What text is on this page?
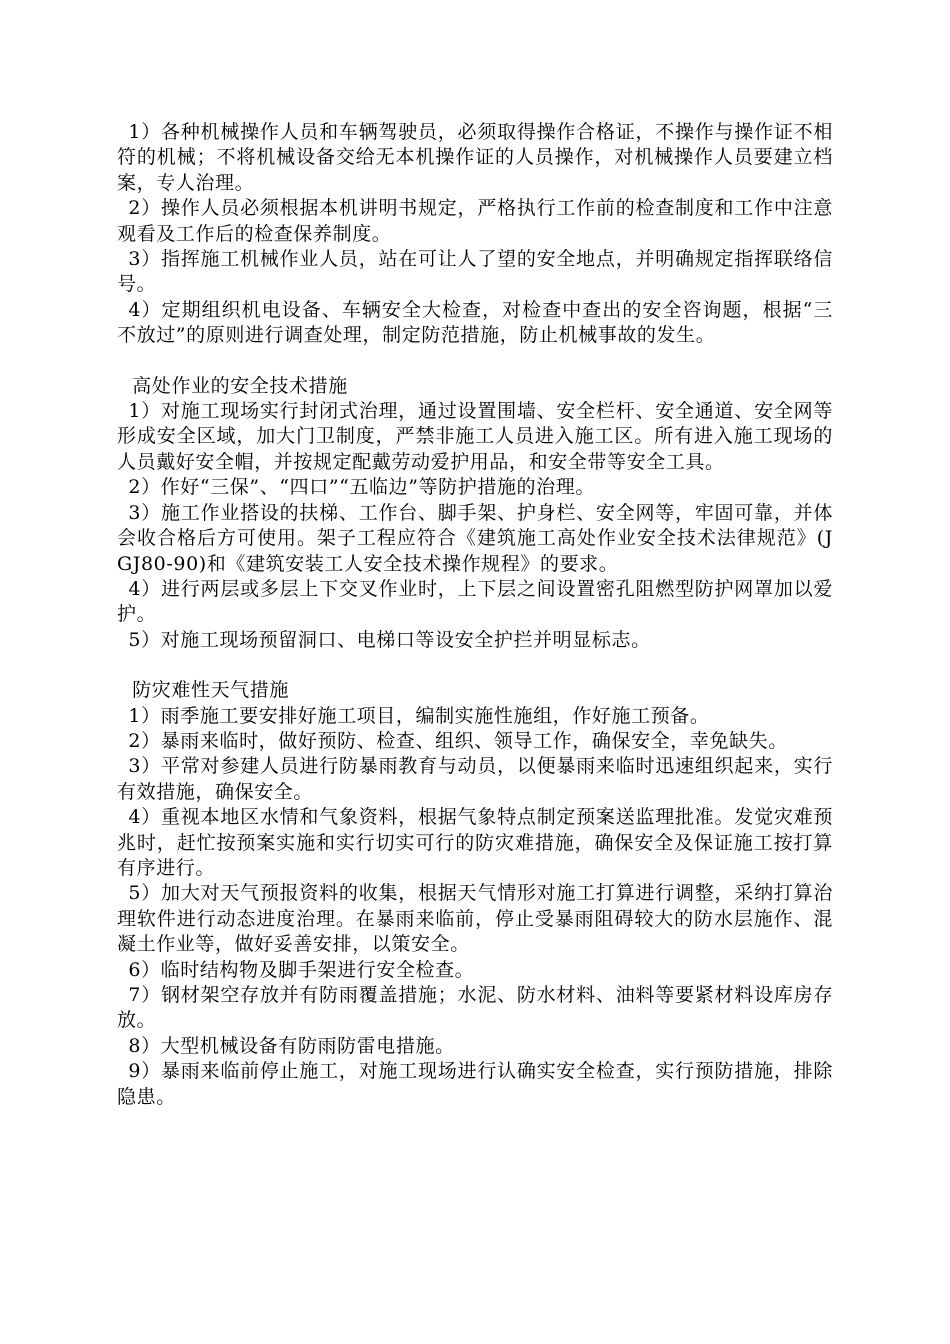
1）各种机械操作人员和车辆驾驶员，必须取得操作合格证，不操作与操作证不相符的机械；不将机械设备交给无本机操作证的人员操作，对机械操作人员要建立档案，专人治理。

2）操作人员必须根据本机讲明书规定，严格执行工作前的检查制度和工作中注意观看及工作后的检查保养制度。

3）指挥施工机械作业人员，站在可让人了望的安全地点，并明确规定指挥联络信号。

4）定期组织机电设备、车辆安全大检查，对检查中查出的安全咨询题，根据“三不放过”的原则进行调查处理，制定防范措施，防止机械事故的发生。

高处作业的安全技术措施

1）对施工现场实行封闭式治理，通过设置围墙、安全栏杆、安全通道、安全网等形成安全区域，加大门卫制度，严禁非施工人员进入施工区。所有进入施工现场的人员戴好安全帽，并按规定配戴劳动爱护用品，和安全带等安全工具。

2）作好“三保”、“四口”“五临边”等防护措施的治理。

3）施工作业搭设的扶梯、工作台、脚手架、护身栏、安全网等，牢固可靠，并体会收合格后方可使用。架子工程应符合《建筑施工高处作业安全技术法律规范》(JGJ80-90)和《建筑安装工人安全技术操作规程》的要求。

4）进行两层或多层上下交叉作业时，上下层之间设置密孔阻燃型防护网罩加以爱护。

5）对施工现场预留洞口、电梯口等设安全护拦并明显标志。

防灾难性天气措施

1）雨季施工要安排好施工项目，编制实施性施组，作好施工预备。

2）暴雨来临时，做好预防、检查、组织、领导工作，确保安全，幸免缺失。

3）平常对参建人员进行防暴雨教育与动员，以便暴雨来临时迅速组织起来，实行有效措施，确保安全。

4）重视本地区水情和气象资料，根据气象特点制定预案送监理批准。发觉灾难预兆时，赶忙按预案实施和实行切实可行的防灾难措施，确保安全及保证施工按打算有序进行。

5）加大对天气预报资料的收集，根据天气情形对施工打算进行调整，采纳打算治理软件进行动态进度治理。在暴雨来临前，停止受暴雨阻碍较大的防水层施作、混凝土作业等，做好妥善安排，以策安全。

6）临时结构物及脚手架进行安全检查。

7）钢材架空存放并有防雨覆盖措施；水泥、防水材料、油料等要紧材料设库房存放。

8）大型机械设备有防雨防雷电措施。

9）暴雨来临前停止施工，对施工现场进行认确实安全检查，实行预防措施，排除隐患。
